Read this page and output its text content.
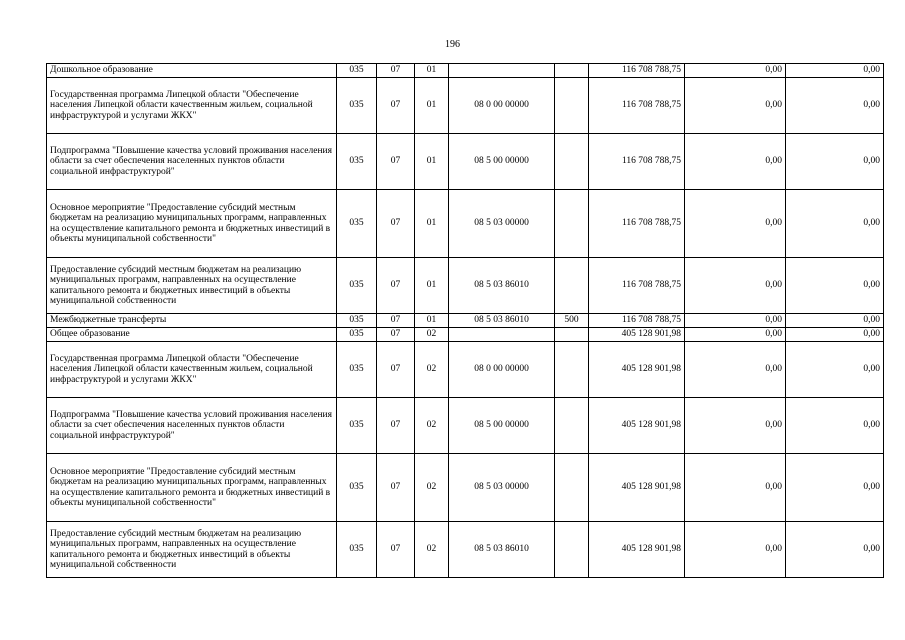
196
Дошкольное образование	035	07	01			116 708 788,75	0,00	0,00
Государственная программа Липецкой области "Обеспечение населения Липецкой области качественным жильем, социальной инфраструктурой и услугами ЖКХ"	035	07	01	08 0 00 00000		116 708 788,75	0,00	0,00
Подпрограмма "Повышение качества условий проживания населения области за счет обеспечения населенных пунктов области социальной инфраструктурой"	035	07	01	08 5 00 00000		116 708 788,75	0,00	0,00
Основное мероприятие "Предоставление субсидий местным бюджетам на реализацию муниципальных программ, направленных на осуществление капитального ремонта и бюджетных инвестиций в объекты муниципальной собственности"	035	07	01	08 5 03 00000		116 708 788,75	0,00	0,00
Предоставление субсидий местным бюджетам на реализацию муниципальных программ, направленных на осуществление капитального ремонта и бюджетных инвестиций в объекты муниципальной собственности	035	07	01	08 5 03 86010		116 708 788,75	0,00	0,00
Межбюджетные трансферты	035	07	01	08 5 03 86010	500	116 708 788,75	0,00	0,00
Общее образование	035	07	02			405 128 901,98	0,00	0,00
Государственная программа Липецкой области "Обеспечение населения Липецкой области качественным жильем, социальной инфраструктурой и услугами ЖКХ"	035	07	02	08 0 00 00000		405 128 901,98	0,00	0,00
Подпрограмма "Повышение качества условий проживания населения области за счет обеспечения населенных пунктов области социальной инфраструктурой"	035	07	02	08 5 00 00000		405 128 901,98	0,00	0,00
Основное мероприятие "Предоставление субсидий местным бюджетам на реализацию муниципальных программ, направленных на осуществление капитального ремонта и бюджетных инвестиций в объекты муниципальной собственности"	035	07	02	08 5 03 00000		405 128 901,98	0,00	0,00
Предоставление субсидий местным бюджетам на реализацию муниципальных программ, направленных на осуществление капитального ремонта и бюджетных инвестиций в объекты муниципальной собственности	035	07	02	08 5 03 86010		405 128 901,98	0,00	0,00
